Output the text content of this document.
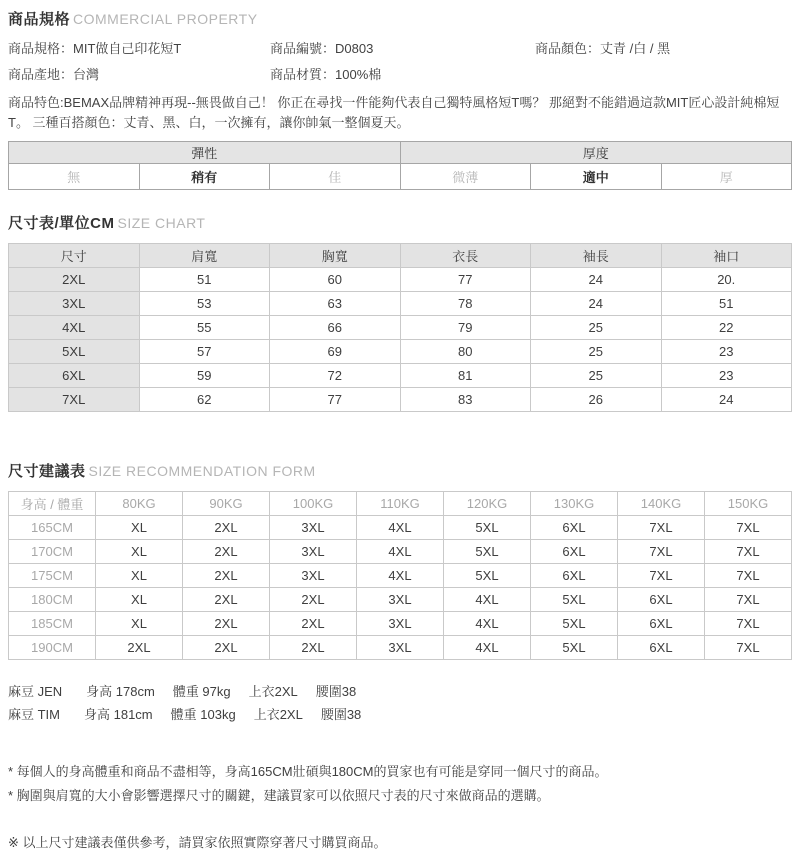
商品規格 COMMERCIAL PROPERTY
商品規格：MIT做自己印花短T	商品編號：D0803	商品顏色：丈青 /白 / 黑
商品產地：台灣	商品材質：100%棉

商品特色:BEMAX品牌精神再現--無畏做自己！ 你正在尋找一件能夠代表自己獨特風格短T嗎？ 那絕對不能錯過這款MIT匠心設計純棉短T。 三種百搭顏色：丈青、黑、白，一次擁有，讓你帥氣一整個夏天。

彈性			厚度		
無	稍有	佳	微薄	適中	厚
尺寸表/單位CM SIZE CHART
尺寸	肩寬	胸寬	衣長	袖長	袖口
2XL	51	60	77	24	20.
3XL	53	63	78	24	51
4XL	55	66	79	25	22
5XL	57	69	80	25	23
6XL	59	72	81	25	23
7XL	62	77	83	26	24
尺寸建議表 SIZE RECOMMENDATION FORM
身高 / 體重	80KG	90KG	100KG	110KG	120KG	130KG	140KG	150KG
165CM	XL	2XL	3XL	4XL	5XL	6XL	7XL	7XL
170CM	XL	2XL	3XL	4XL	5XL	6XL	7XL	7XL
175CM	XL	2XL	3XL	4XL	5XL	6XL	7XL	7XL
180CM	XL	2XL	2XL	3XL	4XL	5XL	6XL	7XL
185CM	XL	2XL	2XL	3XL	4XL	5XL	6XL	7XL
190CM	2XL	2XL	2XL	3XL	4XL	5XL	6XL	7XL
麻豆 JEN 身高 178cm 體重 97kg 上衣2XL 腰圍38
麻豆 TIM 身高 181cm 體重 103kg 上衣2XL 腰圍38

* 每個人的身高體重和商品不盡相等，身高165CM壯碩與180CM的買家也有可能是穿同一個尺寸的商品。

* 胸圍與肩寬的大小會影響選擇尺寸的關鍵，建議買家可以依照尺寸表的尺寸來做商品的選購。

※ 以上尺寸建議表僅供參考，請買家依照實際穿著尺寸購買商品。
